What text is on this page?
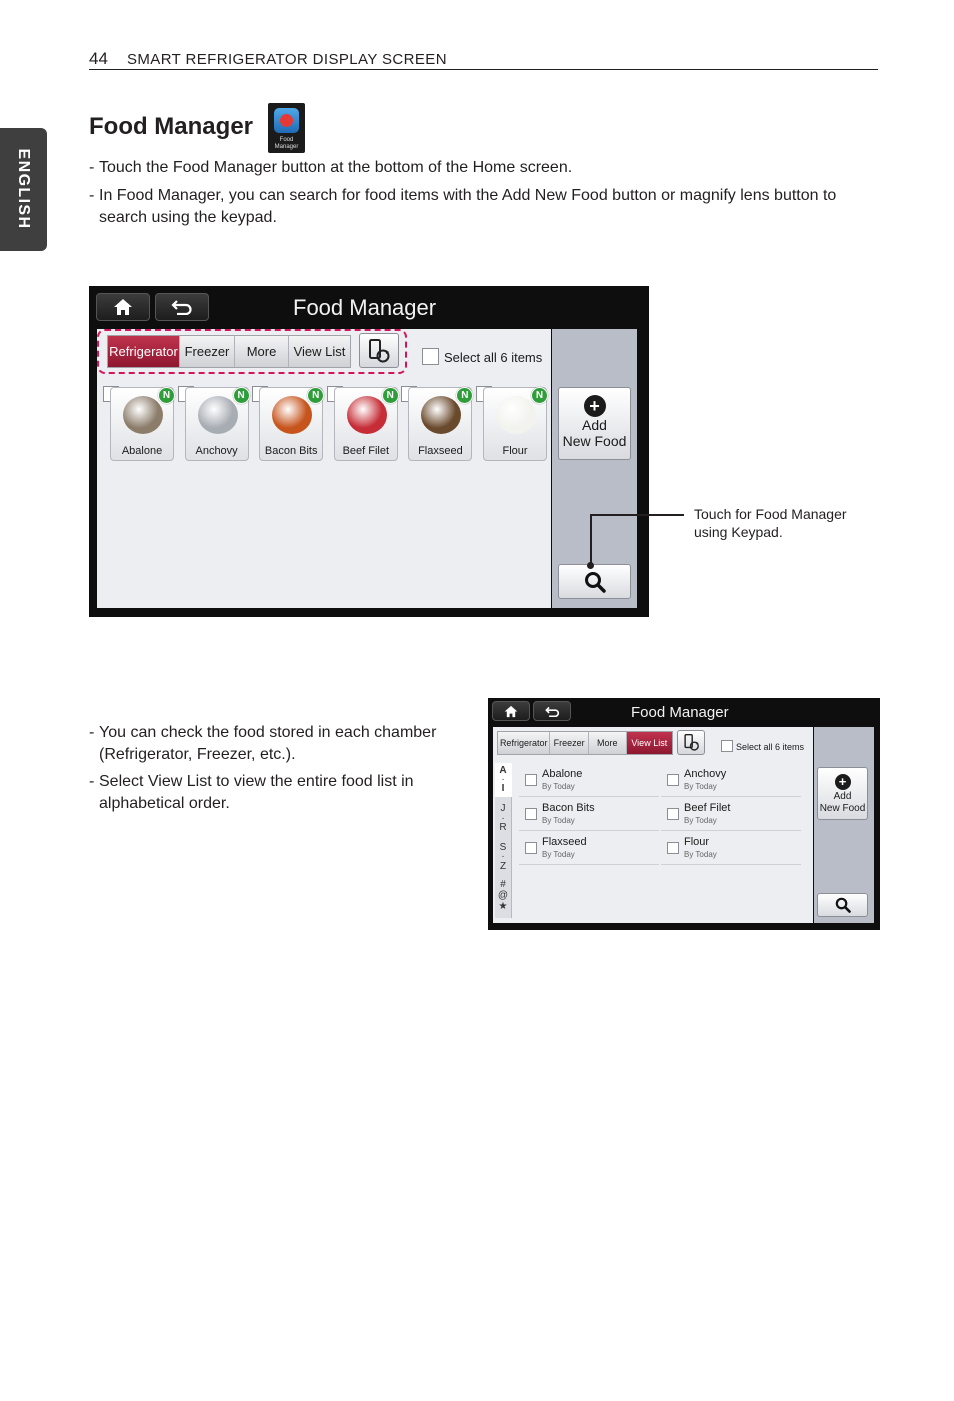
44 SMART REFRIGERATOR DISPLAY SCREEN
ENGLISH
Food Manager	Food
Manager
- Touch the Food Manager button at the bottom of the Home screen.
- In Food Manager, you can search for food items with the Add New Food button or magnify lens button to search using the keypad.
Food Manager
Refrigerator Freezer	More	View List	Select all 6 items
Abalone
N
Anchovy
N
Bacon Bits
N
Beef Filet
N
Flaxseed
N
Flour
N
+
Add
New Food
Touch for Food Manager
using Keypad.
- You can check the food stored in each chamber (Refrigerator, Freezer, etc.).
- Select View List to view the entire food list in alphabetical order.
Food Manager
Refrigerator Freezer	More	View List	Select all 6 items
A
·
I
J
·
R
S
·
Z
#
@
★
Abalone
By Today
Anchovy
By Today
Bacon Bits
By Today
Beef Filet
By Today
Flaxseed
By Today
Flour
By Today
+
Add
New Food
